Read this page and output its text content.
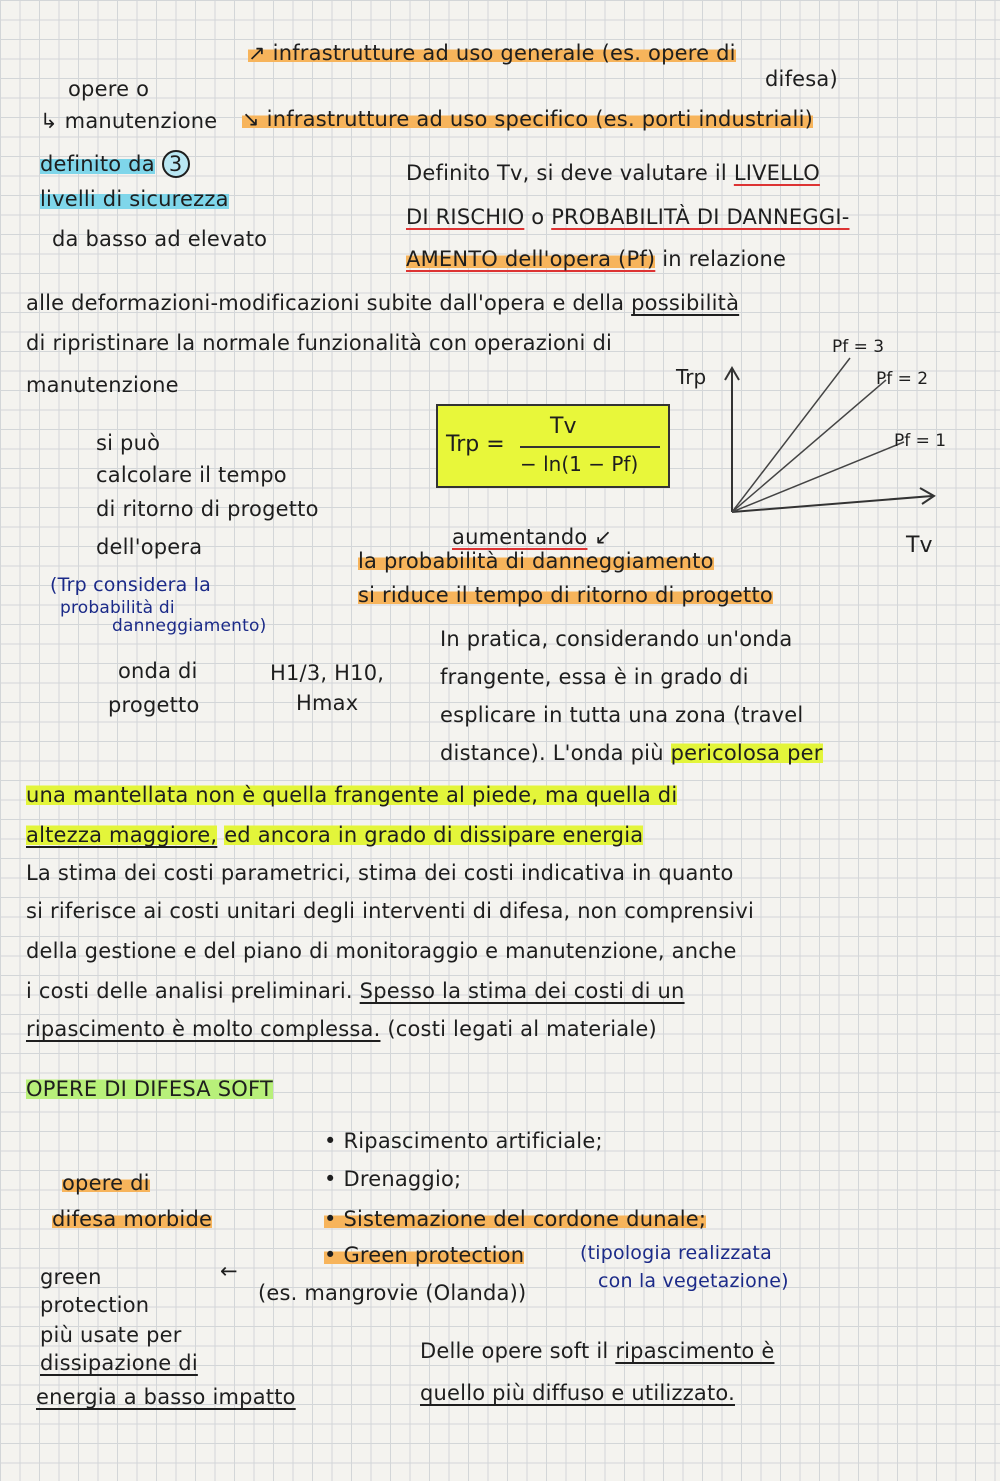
↗ infrastrutture ad uso generale (es. opere di
difesa)
opere o
↳ manutenzione ↘ infrastrutture ad uso specifico (es. porti industriali)
definito da 3
livelli di sicurezza
da basso ad elevato
Definito Tv, si deve valutare il LIVELLO
DI RISCHIO o PROBABILITÀ DI DANNEGGI-
AMENTO dell'opera (Pf) in relazione
alle deformazioni-modificazioni subite dall'opera e della possibilità
di ripristinare la normale funzionalità con operazioni di
manutenzione
si può
calcolare il tempo
di ritorno di progetto
dell'opera
Trp =
Tv
− ln(1 − Pf)
Trp
Tv
Pf = 3
Pf = 2
Pf = 1
aumentando ↙
la probabilità di danneggiamento
si riduce il tempo di ritorno di progetto
(Trp considera la
probabilità di
danneggiamento)
onda di	H1/3, H10,
progetto	Hmax
In pratica, considerando un'onda
frangente, essa è in grado di
esplicare in tutta una zona (travel
distance). L'onda più pericolosa per
una mantellata non è quella frangente al piede, ma quella di
altezza maggiore, ed ancora in grado di dissipare energia
La stima dei costi parametrici, stima dei costi indicativa in quanto
si riferisce ai costi unitari degli interventi di difesa, non comprensivi
della gestione e del piano di monitoraggio e manutenzione, anche
i costi delle analisi preliminari. Spesso la stima dei costi di un
ripascimento è molto complessa. (costi legati al materiale)
OPERE DI DIFESA SOFT
• Ripascimento artificiale;
• Drenaggio;
• Sistemazione del cordone dunale;
• Green protection	(tipologia realizzata
con la vegetazione)
(es. mangrovie (Olanda))
opere di
difesa morbide
green	←
protection
più usate per
dissipazione di
energia a basso impatto
Delle opere soft il ripascimento è
quello più diffuso e utilizzato.
